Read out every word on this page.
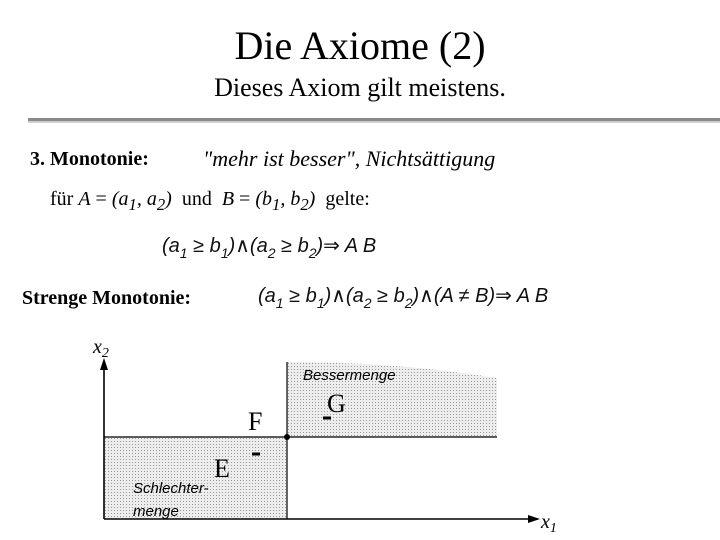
Die Axiome (2)
Dieses Axiom gilt meistens.
3. Monotonie: "mehr ist besser", Nichtsättigung
für $A = (a_1$, $a_2$) und $B = (b_1$, $b_2$) gelte:
($a_1$ ≥ $b_1)\wedge(a_2$ ≥ $b_2)\Rightarrow$ A B
Strenge Monotonie:	($a_1$ ≥ $b_1)\wedge(a_2$ ≥ $b_2)\wedge(A$ ≠ B)⇒ A B
$x_2$
$x_1$
Bessermenge
Schlechter-
menge
G
F
E
